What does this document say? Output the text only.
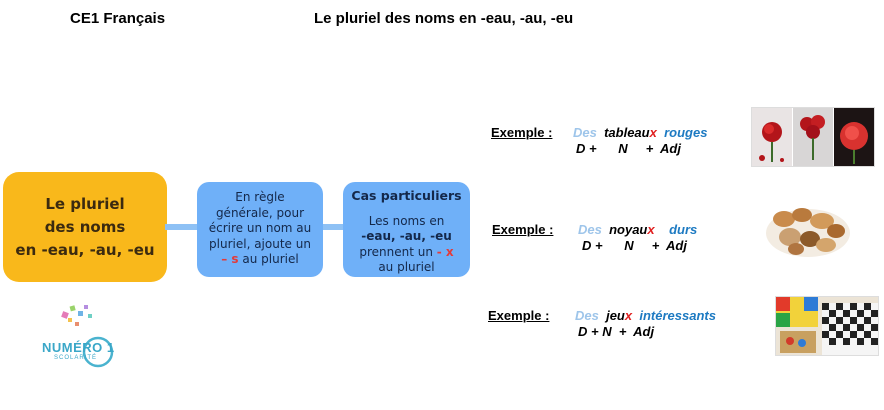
CE1 Français	Le pluriel des noms en -eau, -au, -eu
Le pluriel
des noms
en -eau, -au, -eu
En règle
générale, pour
écrire un nom au
pluriel, ajoute un
– s au pluriel
Cas particuliers
Les noms en
-eau, -au, -eu
prennent un - x
au pluriel
NUMÉRO 1
SCOLARITÉ
Exemple : Des tableaux rouges
D +      N     +  Adj
Exemple : Des noyaux durs
D +      N     +  Adj
Exemple : Des jeux intéressants
D + N  +  Adj
